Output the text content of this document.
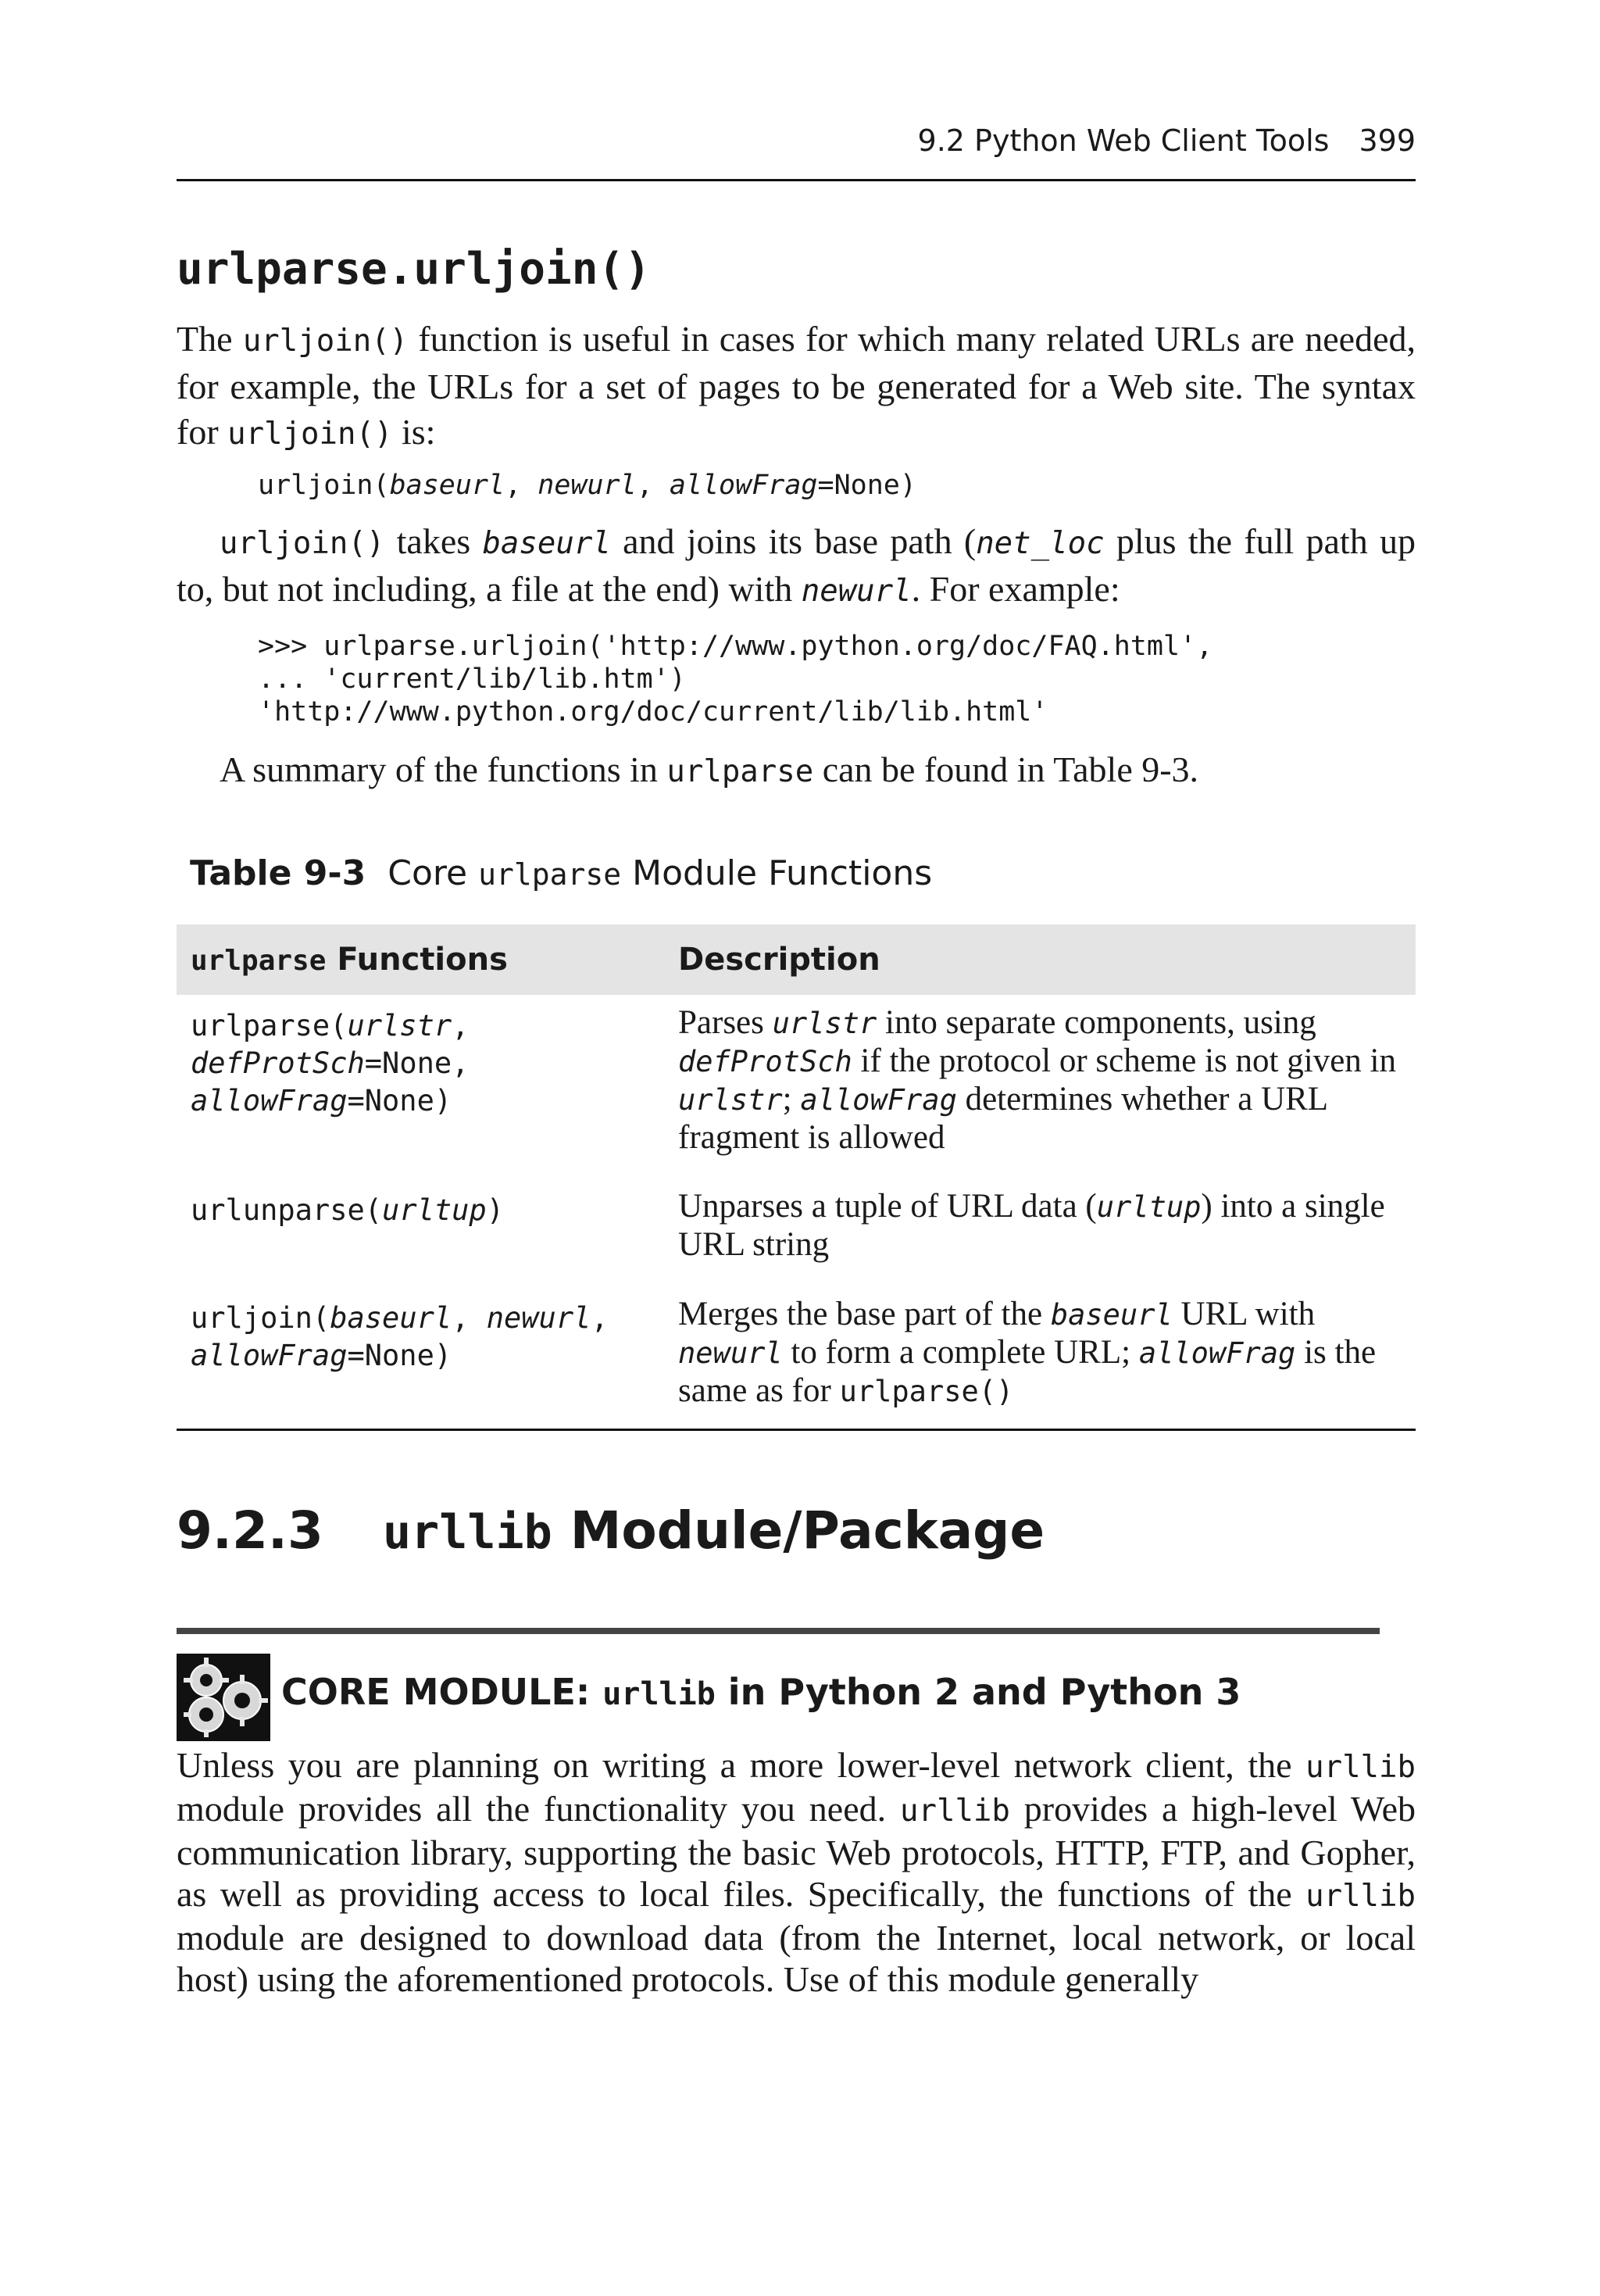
9.2 Python Web Client Tools 399
urlparse.urljoin()

The urljoin() function is useful in cases for which many related URLs are needed, for example, the URLs for a set of pages to be generated for a Web site. The syntax for urljoin() is:

urljoin(baseurl, newurl, allowFrag=None)

urljoin() takes baseurl and joins its base path (net_loc plus the full path up to, but not including, a file at the end) with newurl. For example:

>>> urlparse.urljoin('http://www.python.org/doc/FAQ.html',
... 'current/lib/lib.htm')
'http://www.python.org/doc/current/lib/lib.html'

A summary of the functions in urlparse can be found in Table 9-3.

Table 9-3 Core urlparse Module Functions
urlparse Functions	Description
urlparse(urlstr,
defProtSch=None,
allowFrag=None)
Parses urlstr into separate components, using defProtSch if the protocol or scheme is not given in urlstr; allowFrag determines whether a URL fragment is allowed
urlunparse(urltup)	Unparses a tuple of URL data (urltup) into a single URL string
urljoin(baseurl, newurl,
allowFrag=None)
Merges the base part of the baseurl URL with newurl to form a complete URL; allowFrag is the same as for urlparse()
9.2.3 urllib Module/Package
CORE MODULE: urllib in Python 2 and Python 3

Unless you are planning on writing a more lower-level network client, the urllib module provides all the functionality you need. urllib provides a high-level Web communication library, supporting the basic Web protocols, HTTP, FTP, and Gopher, as well as providing access to local files. Specifically, the functions of the urllib module are designed to download data (from the Internet, local network, or local host) using the aforementioned protocols. Use of this module generally
